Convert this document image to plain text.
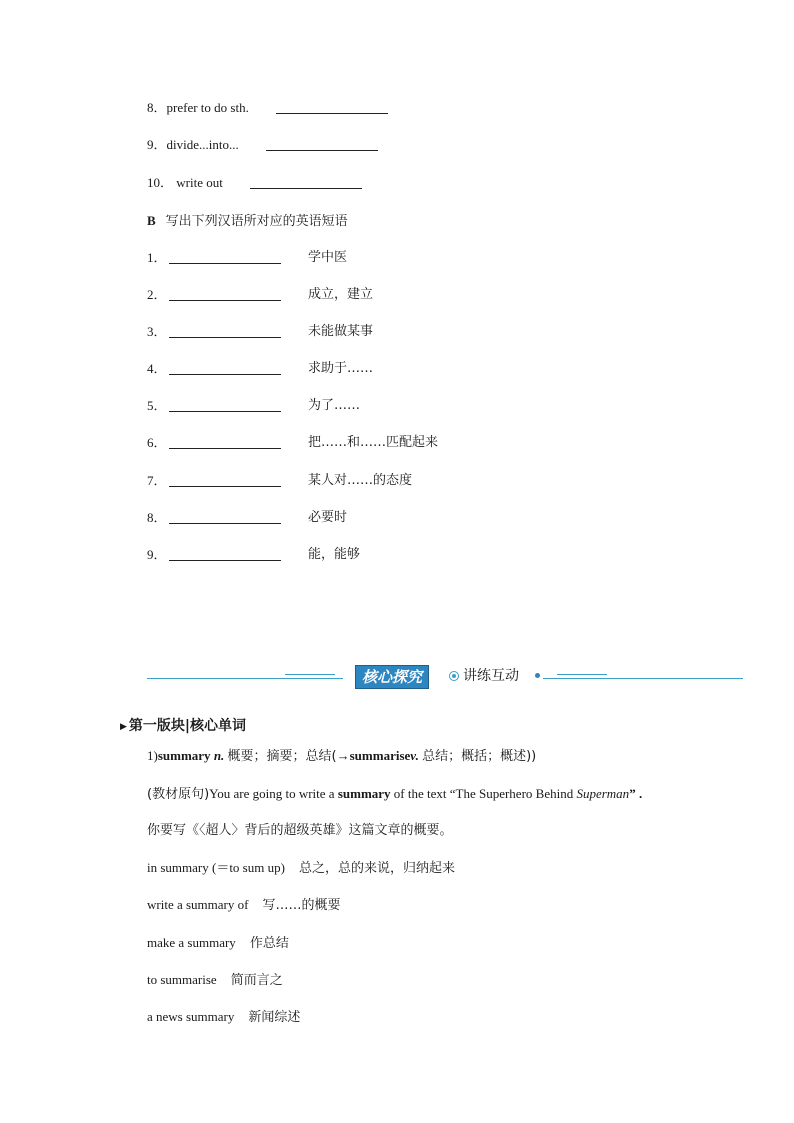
8．prefer to do sth.
9．divide...into...
10． write out
B 写出下列汉语所对应的英语短语
1．	学中医
2．	成立，建立
3．	未能做某事
4．	求助于……
5．	为了……
6．	把……和……匹配起来
7．	某人对……的态度
8．	必要时
9．	能，能够
核心探究	讲练互动
▶ 第一版块|核心单词
1)summary n. 概要；摘要；总结(→summarisev. 总结；概括；概述))
(教材原句)You are going to write a summary of the text “The Superhero Behind Superman” .
你要写《〈超人〉背后的超级英雄》这篇文章的概要。
in summary (＝to sum up) 总之，总的来说，归纳起来
write a summary of 写……的概要
make a summary 作总结
to summarise 简而言之
a news summary 新闻综述
